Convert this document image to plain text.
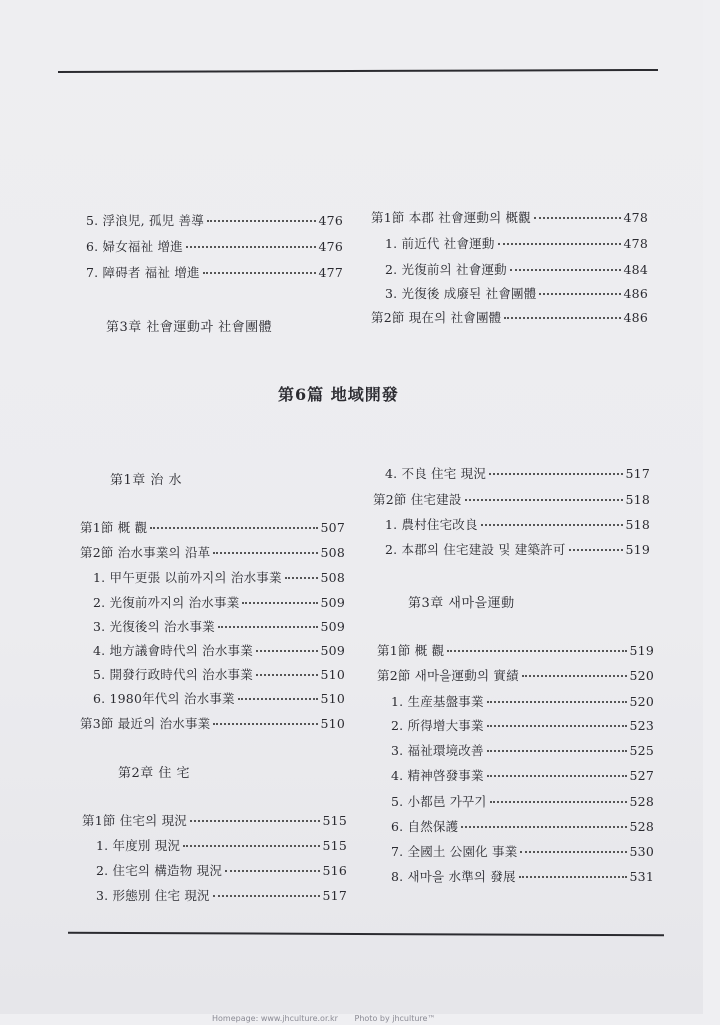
5. 浮浪児, 孤児 善導	476
6. 婦女福祉 增進	476
7. 障碍者 福祉 增進	477
第3章 社會運動과 社會團體
第1節 本郡 社會運動의 概觀	478
1. 前近代 社會運動	478
2. 光復前의 社會運動	484
3. 光復後 成廢된 社會團體	486
第2節 現在의 社會團體	486
第6篇 地域開發
第1章 治 水
第1節 概 觀	507
第2節 治水事業의 沿革	508
1. 甲午更張 以前까지의 治水事業	508
2. 光復前까지의 治水事業	509
3. 光復後의 治水事業	509
4. 地方議會時代의 治水事業	509
5. 開發行政時代의 治水事業	510
6. 1980年代의 治水事業	510
第3節 最近의 治水事業	510
第2章 住 宅
第1節 住宅의 現況	515
1. 年度別 現況	515
2. 住宅의 構造物 現況	516
3. 形態別 住宅 現況	517
4. 不良 住宅 現況	517
第2節 住宅建設	518
1. 農村住宅改良	518
2. 本郡의 住宅建設 및 建築許可	519
第3章 새마을運動
第1節 概 觀	519
第2節 새마을運動의 實績	520
1. 生産基盤事業	520
2. 所得增大事業	523
3. 福祉環境改善	525
4. 精神啓發事業	527
5. 小都邑 가꾸기	528
6. 自然保護	528
7. 全國土 公園化 事業	530
8. 새마을 水準의 發展	531
Homepage: www.jhculture.or.kr Photo by jhculture™
